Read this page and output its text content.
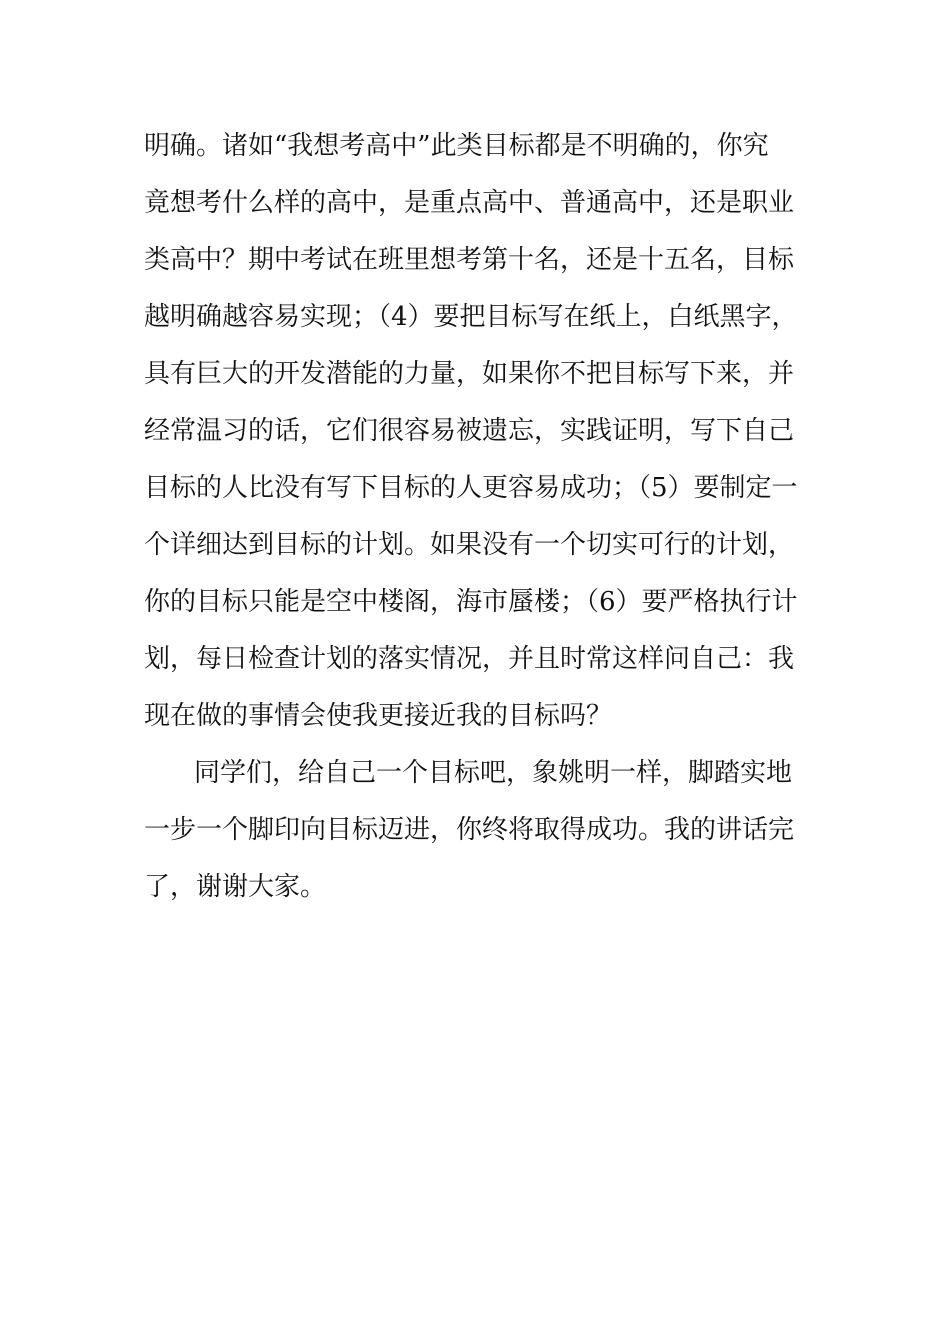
明确。诸如“我想考高中”此类目标都是不明确的，你究
竟想考什么样的高中，是重点高中、普通高中，还是职业
类高中？期中考试在班里想考第十名，还是十五名，目标
越明确越容易实现；（4）要把目标写在纸上，白纸黑字，
具有巨大的开发潜能的力量，如果你不把目标写下来，并
经常温习的话，它们很容易被遗忘，实践证明，写下自己
目标的人比没有写下目标的人更容易成功；（5）要制定一
个详细达到目标的计划。如果没有一个切实可行的计划，
你的目标只能是空中楼阁，海市蜃楼；（6）要严格执行计
划，每日检查计划的落实情况，并且时常这样问自己：我
现在做的事情会使我更接近我的目标吗？
同学们，给自己一个目标吧，象姚明一样，脚踏实地
一步一个脚印向目标迈进，你终将取得成功。我的讲话完
了，谢谢大家。
